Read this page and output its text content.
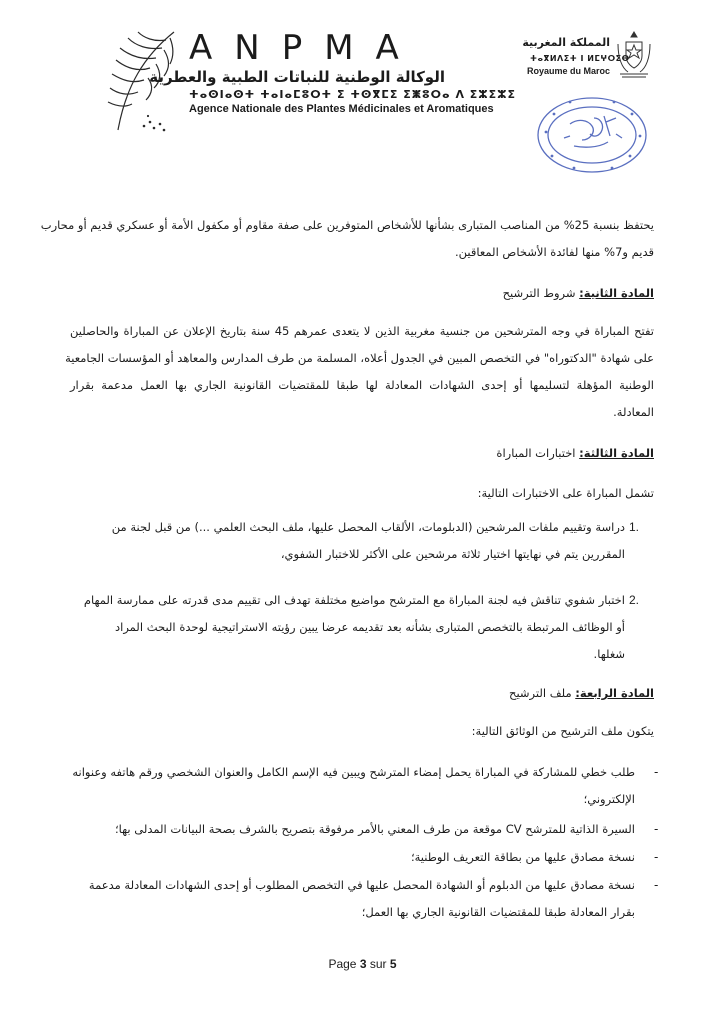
ANPMA
الوكالة الوطنية للنباتات الطبية والعطرية
ⵜⴰⵙⵏⴰⵙⵜ ⵜⴰⵏⴰⵎⵓⵔⵜ ⵉ ⵜⵙⴳⵎⵉ ⵉⵥⵓⵔⴰ ⴷ ⵉⵣⵉⵣⵉ
Agence Nationale des Plantes Médicinales et Aromatiques
المملكة المغربية
ⵜⴰⴳⵍⴷⵉⵜ ⵏ ⵍⵎⵖⵔⵉⴱ
Royaume du Maroc
يحتفظ بنسبة 25% من المناصب المتبارى بشأنها للأشخاص المتوفرين على صفة مقاوم أو مكفول الأمة أو عسكري قديم أو محارب
قديم و7% منها لفائدة الأشخاص المعاقين.
المادة الثانية: شروط الترشيح
تفتح المباراة في وجه المترشحين من جنسية مغربية الذين لا يتعدى عمرهم 45 سنة بتاريخ الإعلان عن المباراة والحاصلين
على شهادة "الدكتوراه" في التخصص المبين في الجدول أعلاه، المسلمة من طرف المدارس والمعاهد أو المؤسسات الجامعية
الوطنية المؤهلة لتسليمها أو إحدى الشهادات المعادلة لها طبقا للمقتضيات القانونية الجاري بها العمل مدعمة بقرار
المعادلة.
المادة الثالثة: اختبارات المباراة
تشمل المباراة على الاختبارات التالية:
1.
دراسة وتقييم ملفات المرشحين (الدبلومات، الألقاب المحصل عليها، ملف البحث العلمي ...) من قبل لجنة من
المقررين يتم في نهايتها اختيار ثلاثة مرشحين على الأكثر للاختبار الشفوي،
2.
اختبار شفوي تناقش فيه لجنة المباراة مع المترشح مواضيع مختلفة تهدف الى تقييم مدى قدرته على ممارسة المهام
أو الوظائف المرتبطة بالتخصص المتبارى بشأنه بعد تقديمه عرضا يبين رؤيته الاستراتيجية لوحدة البحث المراد
شغلها.
المادة الرابعة: ملف الترشيح
يتكون ملف الترشيح من الوثائق التالية:
-
طلب خطي للمشاركة في المباراة يحمل إمضاء المترشح ويبين فيه الإسم الكامل والعنوان الشخصي ورقم هاتفه وعنوانه
الإلكتروني؛
-
السيرة الذاتية للمترشح CV موقعة من طرف المعني بالأمر مرفوقة بتصريح بالشرف بصحة البيانات المدلى بها؛
-
نسخة مصادق عليها من بطاقة التعريف الوطنية؛
-
نسخة مصادق عليها من الدبلوم أو الشهادة المحصل عليها في التخصص المطلوب أو إحدى الشهادات المعادلة مدعمة
بقرار المعادلة طبقا للمقتضيات القانونية الجاري بها العمل؛
Page 3 sur 5
